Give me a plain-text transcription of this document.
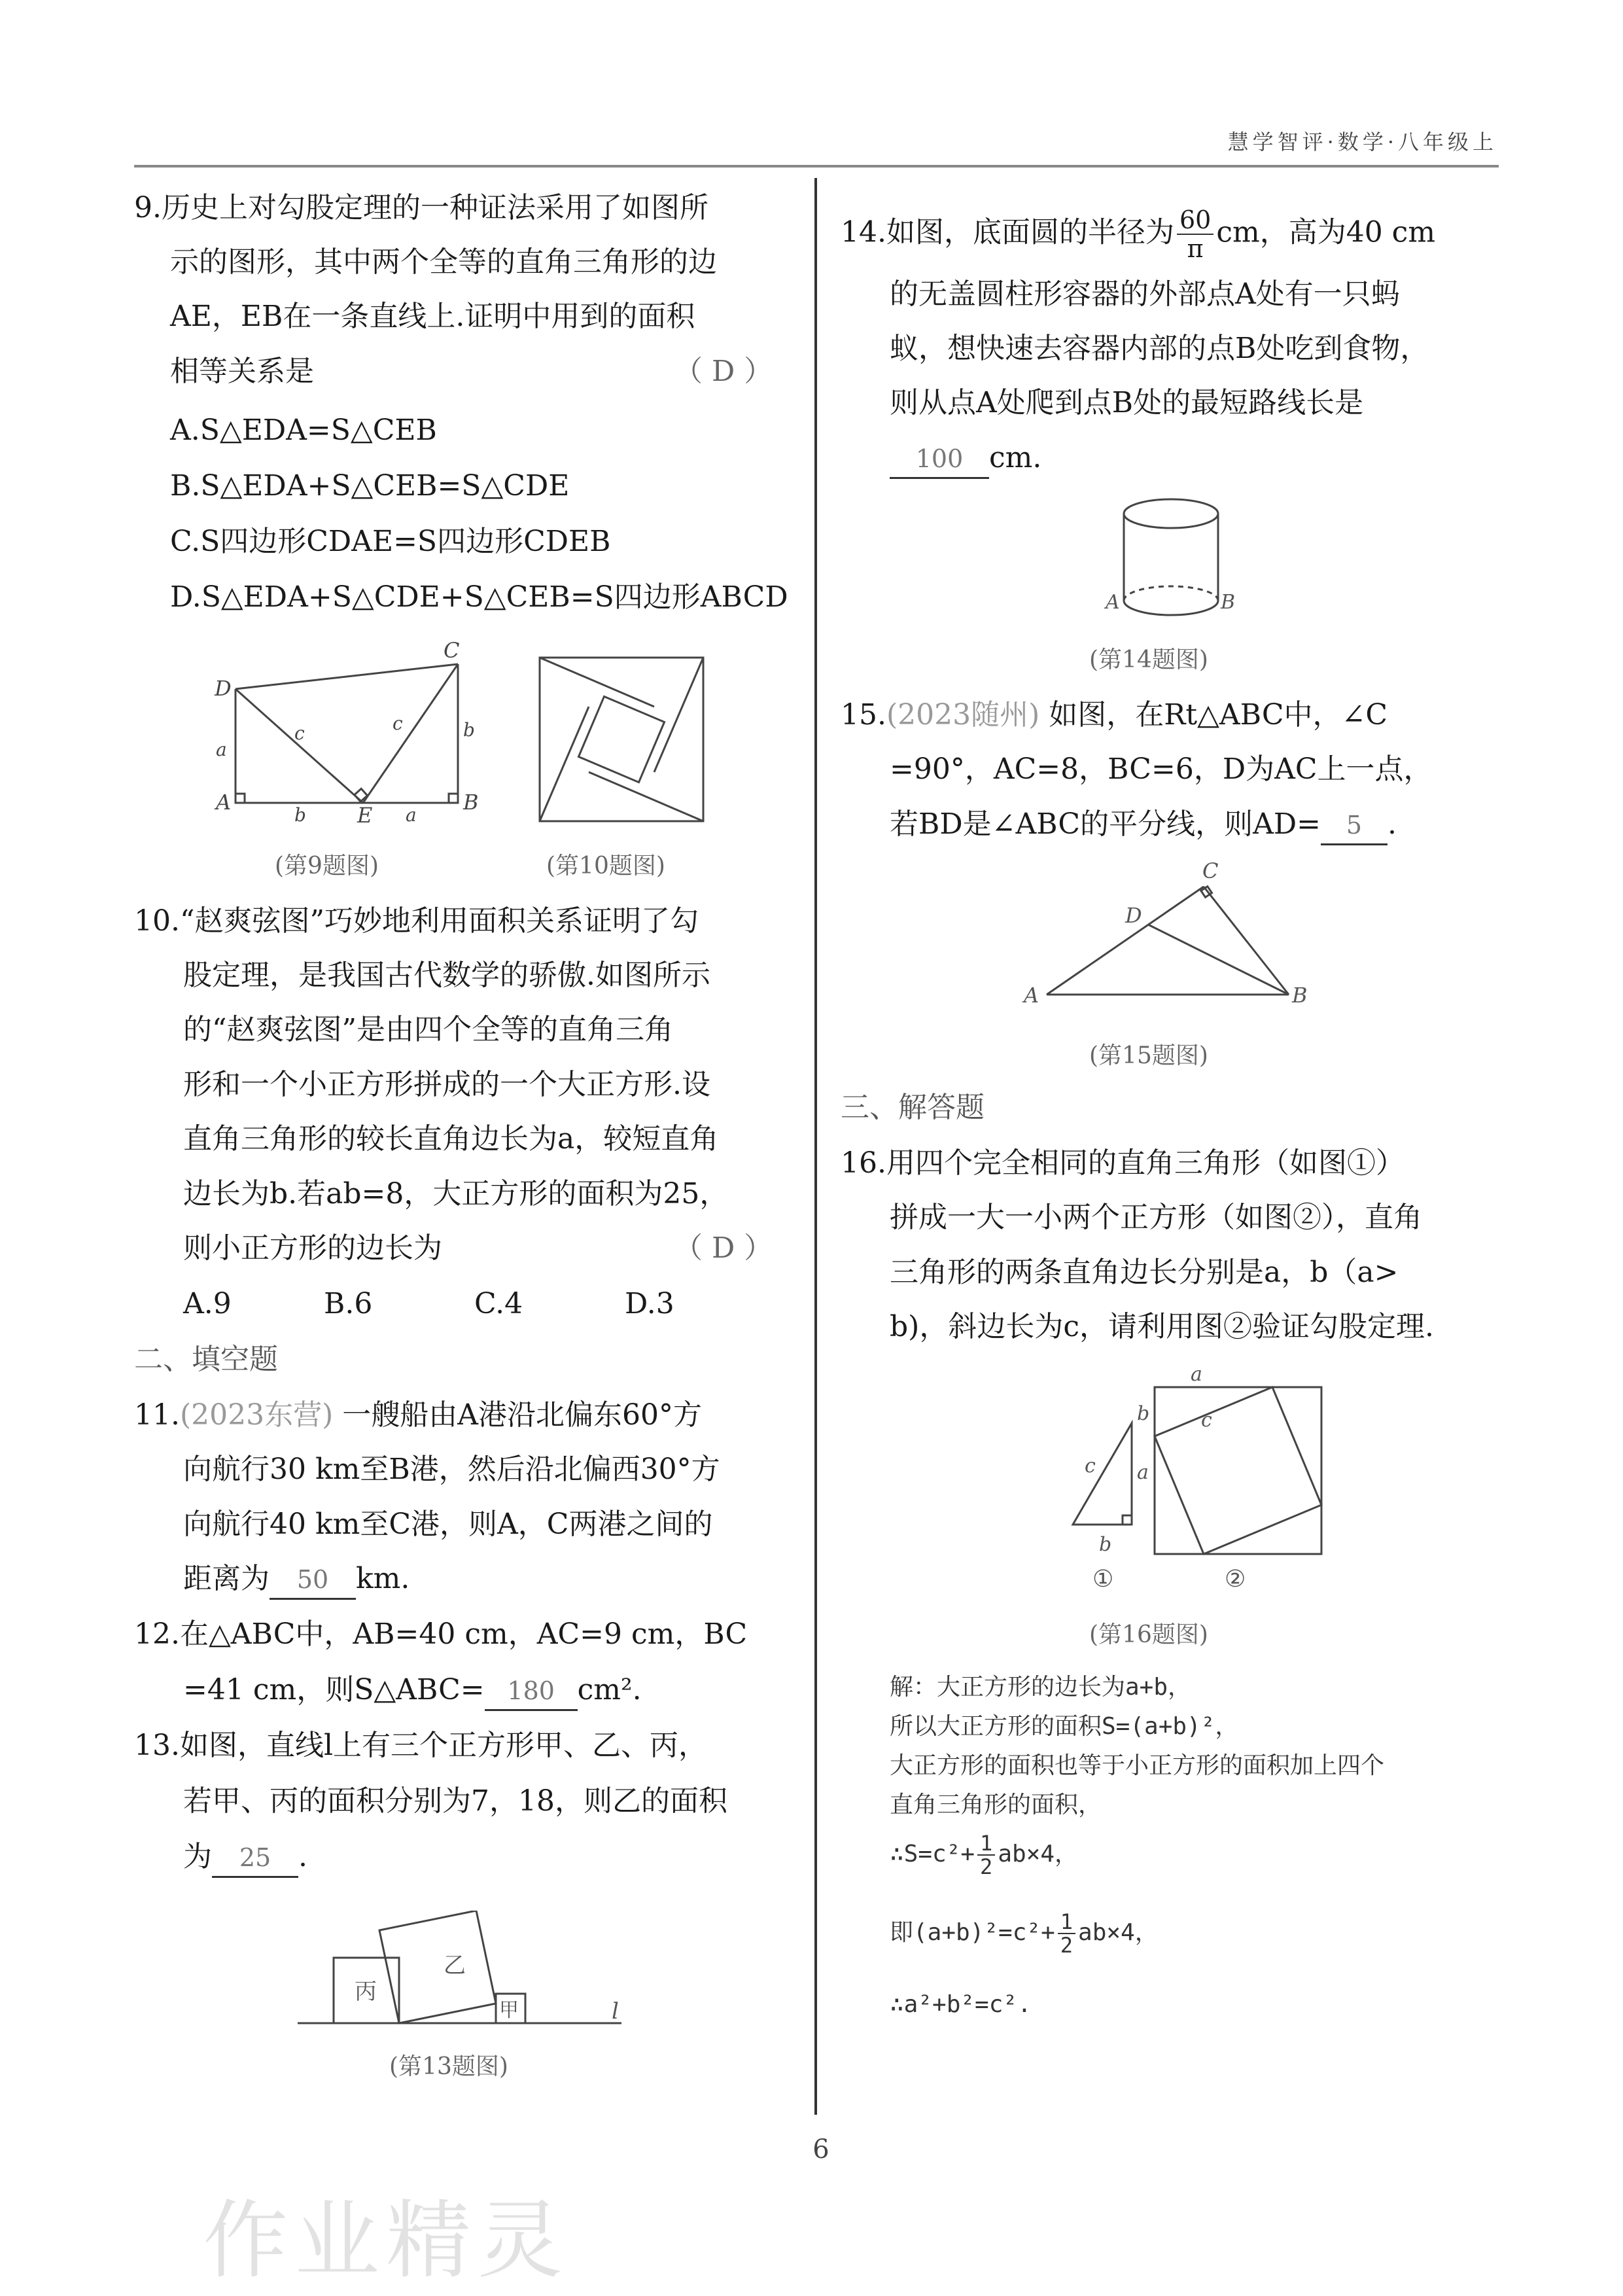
慧学智评·数学·八年级上
9.历史上对勾股定理的一种证法采用了如图所
示的图形，其中两个全等的直角三角形的边
AE，EB在一条直线上.证明中用到的面积
相等关系是	（ D ）
A.S△EDA=S△CEB
B.S△EDA+S△CEB=S△CDE
C.S四边形CDAE=S四边形CDEB
D.S△EDA+S△CDE+S△CEB=S四边形ABCD
D
A
E
B
C
a
b	a
b
c	c
(第9题图)	(第10题图)
10.“赵爽弦图”巧妙地利用面积关系证明了勾
股定理，是我国古代数学的骄傲.如图所示
的“赵爽弦图”是由四个全等的直角三角
形和一个小正方形拼成的一个大正方形.设
直角三角形的较长直角边长为a，较短直角
边长为b.若ab=8，大正方形的面积为25，
则小正方形的边长为	（ D ）
A.9	B.6	C.4	D.3
二、填空题
11.(2023东营) 一艘船由A港沿北偏东60°方
向航行30 km至B港，然后沿北偏西30°方
向航行40 km至C港，则A，C两港之间的
距离为 50 km.
12.在△ABC中，AB=40 cm，AC=9 cm，BC
=41 cm，则S△ABC= 180 cm².
13.如图，直线l上有三个正方形甲、乙、丙，
若甲、丙的面积分别为7，18，则乙的面积
为 25 .
丙
乙
甲	l
(第13题图)
14.如图，底面圆的半径为 $\frac{60}{\pi}$ cm，高为40 cm
的无盖圆柱形容器的外部点A处有一只蚂
蚁，想快速去容器内部的点B处吃到食物，
则从点A处爬到点B处的最短路线长是
100 cm.
A	B
(第14题图)
15.(2023随州) 如图，在Rt△ABC中，∠C
=90°，AC=8，BC=6，D为AC上一点，
若BD是∠ABC的平分线，则AD= 5 .
A	B
C
D
(第15题图)
三、解答题
16.用四个完全相同的直角三角形（如图①）
拼成一大一小两个正方形（如图②），直角
三角形的两条直角边长分别是a，b（a>
b)，斜边长为c，请利用图②验证勾股定理.
c a
b
a
b	c
①	②
(第16题图)
解：大正方形的边长为a+b，
所以大正方形的面积S=(a+b)²，
大正方形的面积也等于小正方形的面积加上四个
直角三角形的面积，
∴S=c²+ $\frac{1}{2} ab\times 4$，
即$(a+b)^2=c^2+ \frac{1}{2} ab\times 4$，
∴a²+b²=c².
6
作业精灵
